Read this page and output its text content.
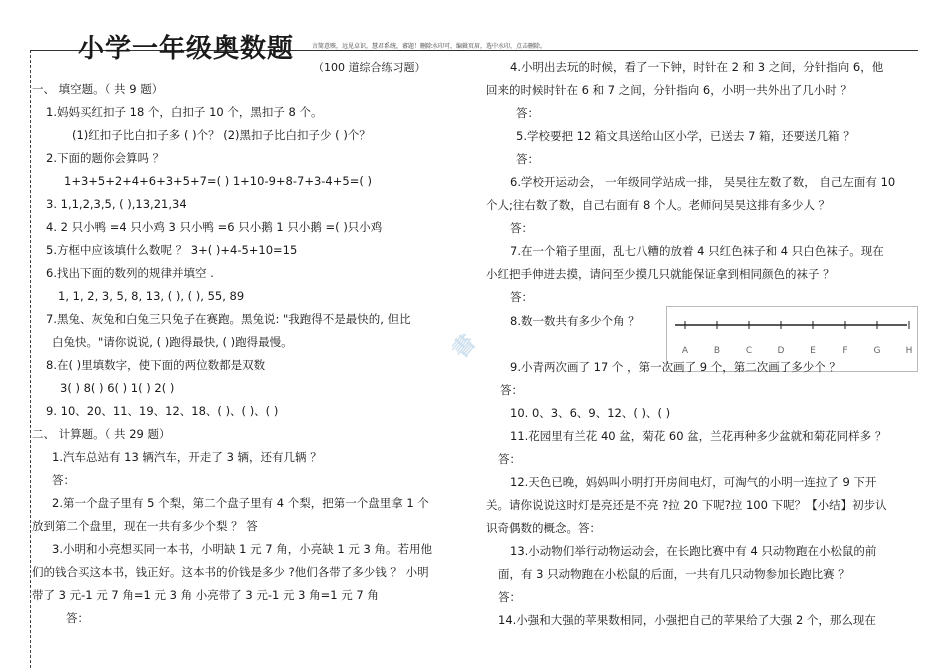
小学一年级奥数题	言简意赅，远见卓识，慧君系统，審題！删除水印可，编辑页眉，选中水印，点击删除。
（100 道综合练习题）
書
一、 填空题。（ 共 9 题）
1.妈妈买红扣子 18 个，白扣子 10 个，黑扣子 8 个。
(1)红扣子比白扣子多 ( )个？ (2)黑扣子比白扣子少 ( )个？
2.下面的题你会算吗 ？
1+3+5+2+4+6+3+5+7=( ) 1+10-9+8-7+3-4+5=( )
3. 1,1,2,3,5, ( ),13,21,34
4. 2 只小鸭 =4 只小鸡 3 只小鸭 =6 只小鹅 1 只小鹅 =( )只小鸡
5.方框中应该填什么数呢 ？ 3+( )+4-5+10=15
6.找出下面的数列的规律并填空 .
1, 1, 2, 3, 5, 8, 13, ( ), ( ), 55, 89
7.黑兔、灰兔和白兔三只兔子在赛跑。黑兔说: "我跑得不是最快的, 但比
白兔快。"请你说说, ( )跑得最快, ( )跑得最慢。
8.在( )里填数字，使下面的两位数都是双数
3( ) 8( ) 6( ) 1( ) 2( )
9. 10、20、11、19、12、18、( )、( )、( )
二、 计算题。（ 共 29 题）
1.汽车总站有 13 辆汽车，开走了 3 辆，还有几辆 ？
答：
2.第一个盘子里有 5 个梨，第二个盘子里有 4 个梨，把第一个盘里拿 1 个
放到第二个盘里，现在一共有多少个梨 ？ 答
3.小明和小亮想买同一本书，小明缺 1 元 7 角，小亮缺 1 元 3 角。若用他
们的钱合买这本书，钱正好。这本书的价钱是多少 ?他们各带了多少钱 ？ 小明
带了 3 元-1 元 7 角=1 元 3 角 小亮带了 3 元-1 元 3 角=1 元 7 角
答：
4.小明出去玩的时候，看了一下钟，时针在 2 和 3 之间，分针指向 6，他
回来的时候时针在 6 和 7 之间，分针指向 6，小明一共外出了几小时 ？
答：
5.学校要把 12 箱文具送给山区小学，已送去 7 箱，还要送几箱 ？
答：
6.学校开运动会， 一年级同学站成一排， 吴昊往左数了数， 自己左面有 10
个人;往右数了数，自己右面有 8 个人。老师问吴昊这排有多少人 ？
答：
7.在一个箱子里面，乱七八糟的放着 4 只红色袜子和 4 只白色袜子。现在
小红把手伸进去摸，请问至少摸几只就能保证拿到相同颜色的袜子 ？
答：
8.数一数共有多少个角 ？
A	B	C	D	E	F	G	H
9.小青两次画了 17 个 ，第一次画了 9 个，第二次画了多少个 ？
答：
10. 0、3、6、9、12、( )、( )
11.花园里有兰花 40 盆，菊花 60 盆，兰花再种多少盆就和菊花同样多 ？
答：
12.天色已晚，妈妈叫小明打开房间电灯，可淘气的小明一连拉了 9 下开
关。请你说说这时灯是亮还是不亮 ?拉 20 下呢?拉 100 下呢？【小结】初步认
识奇偶数的概念。答：
13.小动物们举行动物运动会，在长跑比赛中有 4 只动物跑在小松鼠的前
面，有 3 只动物跑在小松鼠的后面，一共有几只动物参加长跑比赛 ？
答：
14.小强和大强的苹果数相同，小强把自己的苹果给了大强 2 个，那么现在
